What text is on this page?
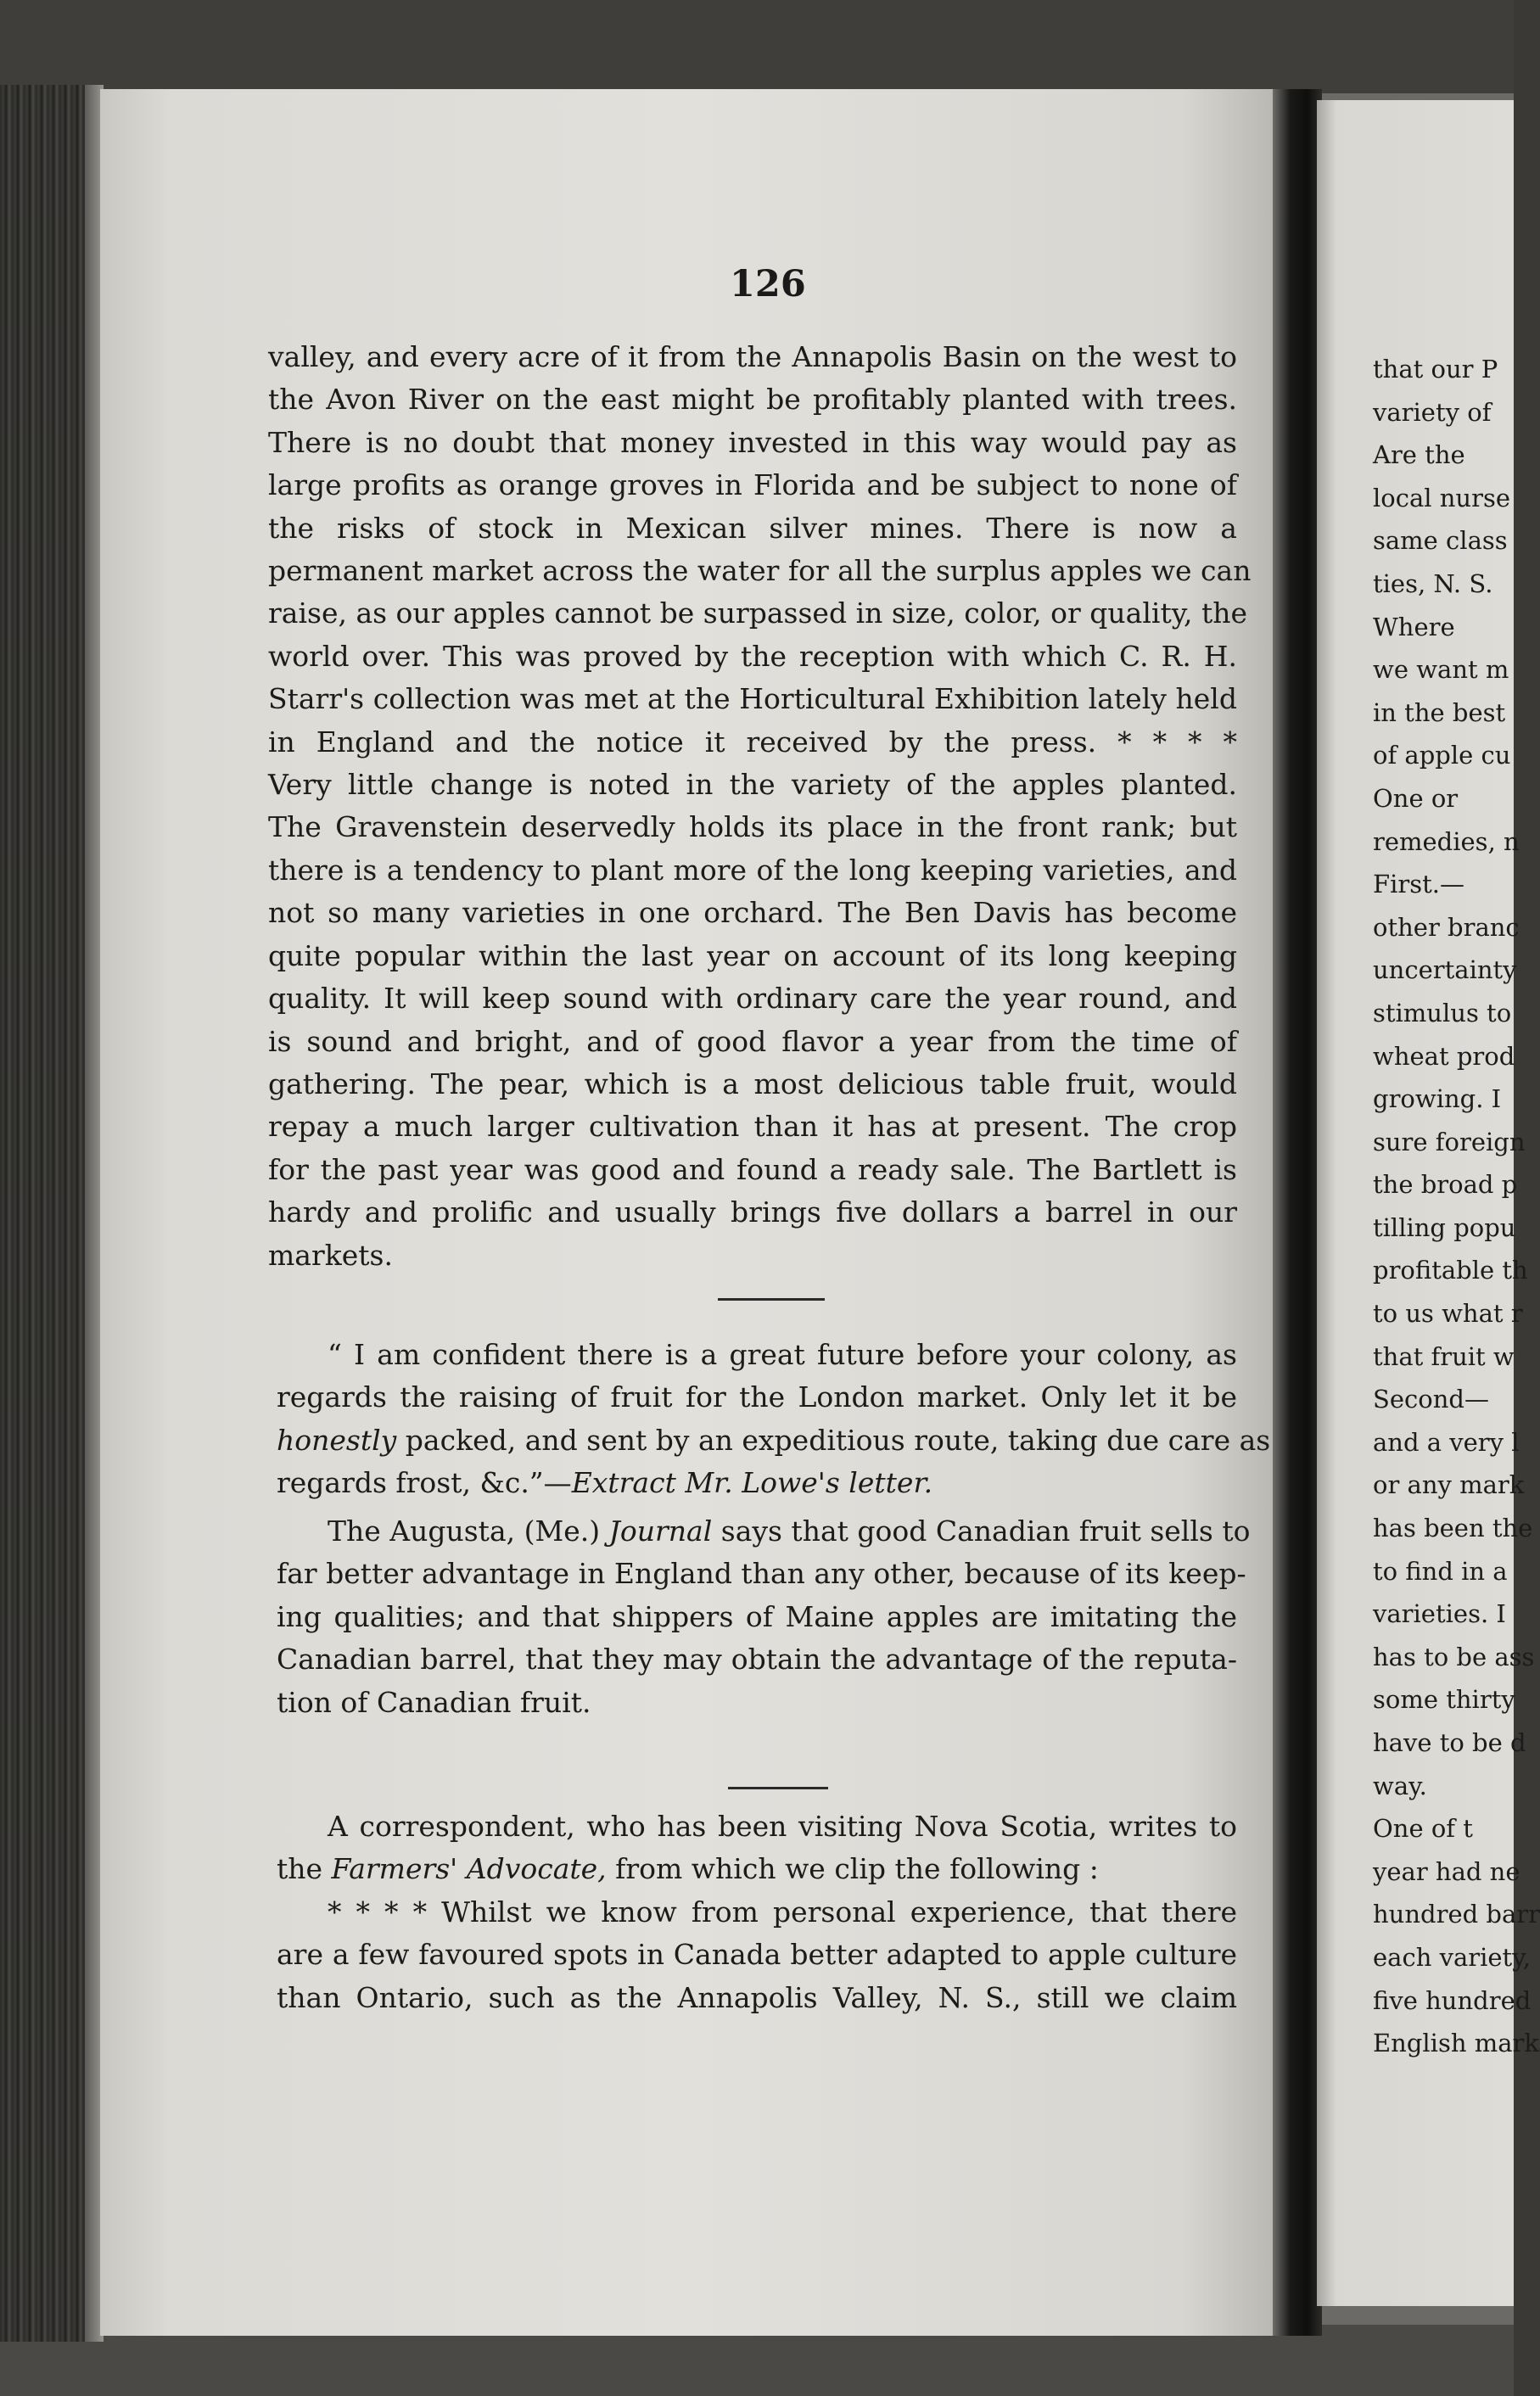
126
valley, and every acre of it from the Annapolis Basin on the west to
the Avon River on the east might be profitably planted with trees.
There is no doubt that money invested in this way would pay as
large profits as orange groves in Florida and be subject to none of
the risks of stock in Mexican silver mines. There is now a
permanent market across the water for all the surplus apples we can
raise, as our apples cannot be surpassed in size, color, or quality, the
world over. This was proved by the reception with which C. R. H.
Starr's collection was met at the Horticultural Exhibition lately held
in England and the notice it received by the press. * * * *
Very little change is noted in the variety of the apples planted.
The Gravenstein deservedly holds its place in the front rank; but
there is a tendency to plant more of the long keeping varieties, and
not so many varieties in one orchard. The Ben Davis has become
quite popular within the last year on account of its long keeping
quality. It will keep sound with ordinary care the year round, and
is sound and bright, and of good flavor a year from the time of
gathering. The pear, which is a most delicious table fruit, would
repay a much larger cultivation than it has at present. The crop
for the past year was good and found a ready sale. The Bartlett is
hardy and prolific and usually brings five dollars a barrel in our
markets.
“ I am confident there is a great future before your colony, as
regards the raising of fruit for the London market. Only let it be
honestly packed, and sent by an expeditious route, taking due care as
regards frost, &c.”—Extract Mr. Lowe's letter.
that our P
variety of
Are the
local nurse
same class
ties, N. S.
Where
we want m
in the best
of apple cu
One or
remedies, n
First.—
other branc
uncertainty
stimulus to
wheat prod
growing. I
sure foreign
the broad p
tilling popu
profitable th
to us what r
that fruit w
Second—
and a very l
or any mark
has been the
to find in a
varieties. I
has to be ass
some thirty
have to be d
way.
One of t
year had ne
hundred barr
each variety,
five hundred
English mark
The Augusta, (Me.) Journal says that good Canadian fruit sells to
far better advantage in England than any other, because of its keep-
ing qualities; and that shippers of Maine apples are imitating the
Canadian barrel, that they may obtain the advantage of the reputa-
tion of Canadian fruit.
A correspondent, who has been visiting Nova Scotia, writes to
the Farmers' Advocate, from which we clip the following :
* * * * Whilst we know from personal experience, that there
are a few favoured spots in Canada better adapted to apple culture
than Ontario, such as the Annapolis Valley, N. S., still we claim
